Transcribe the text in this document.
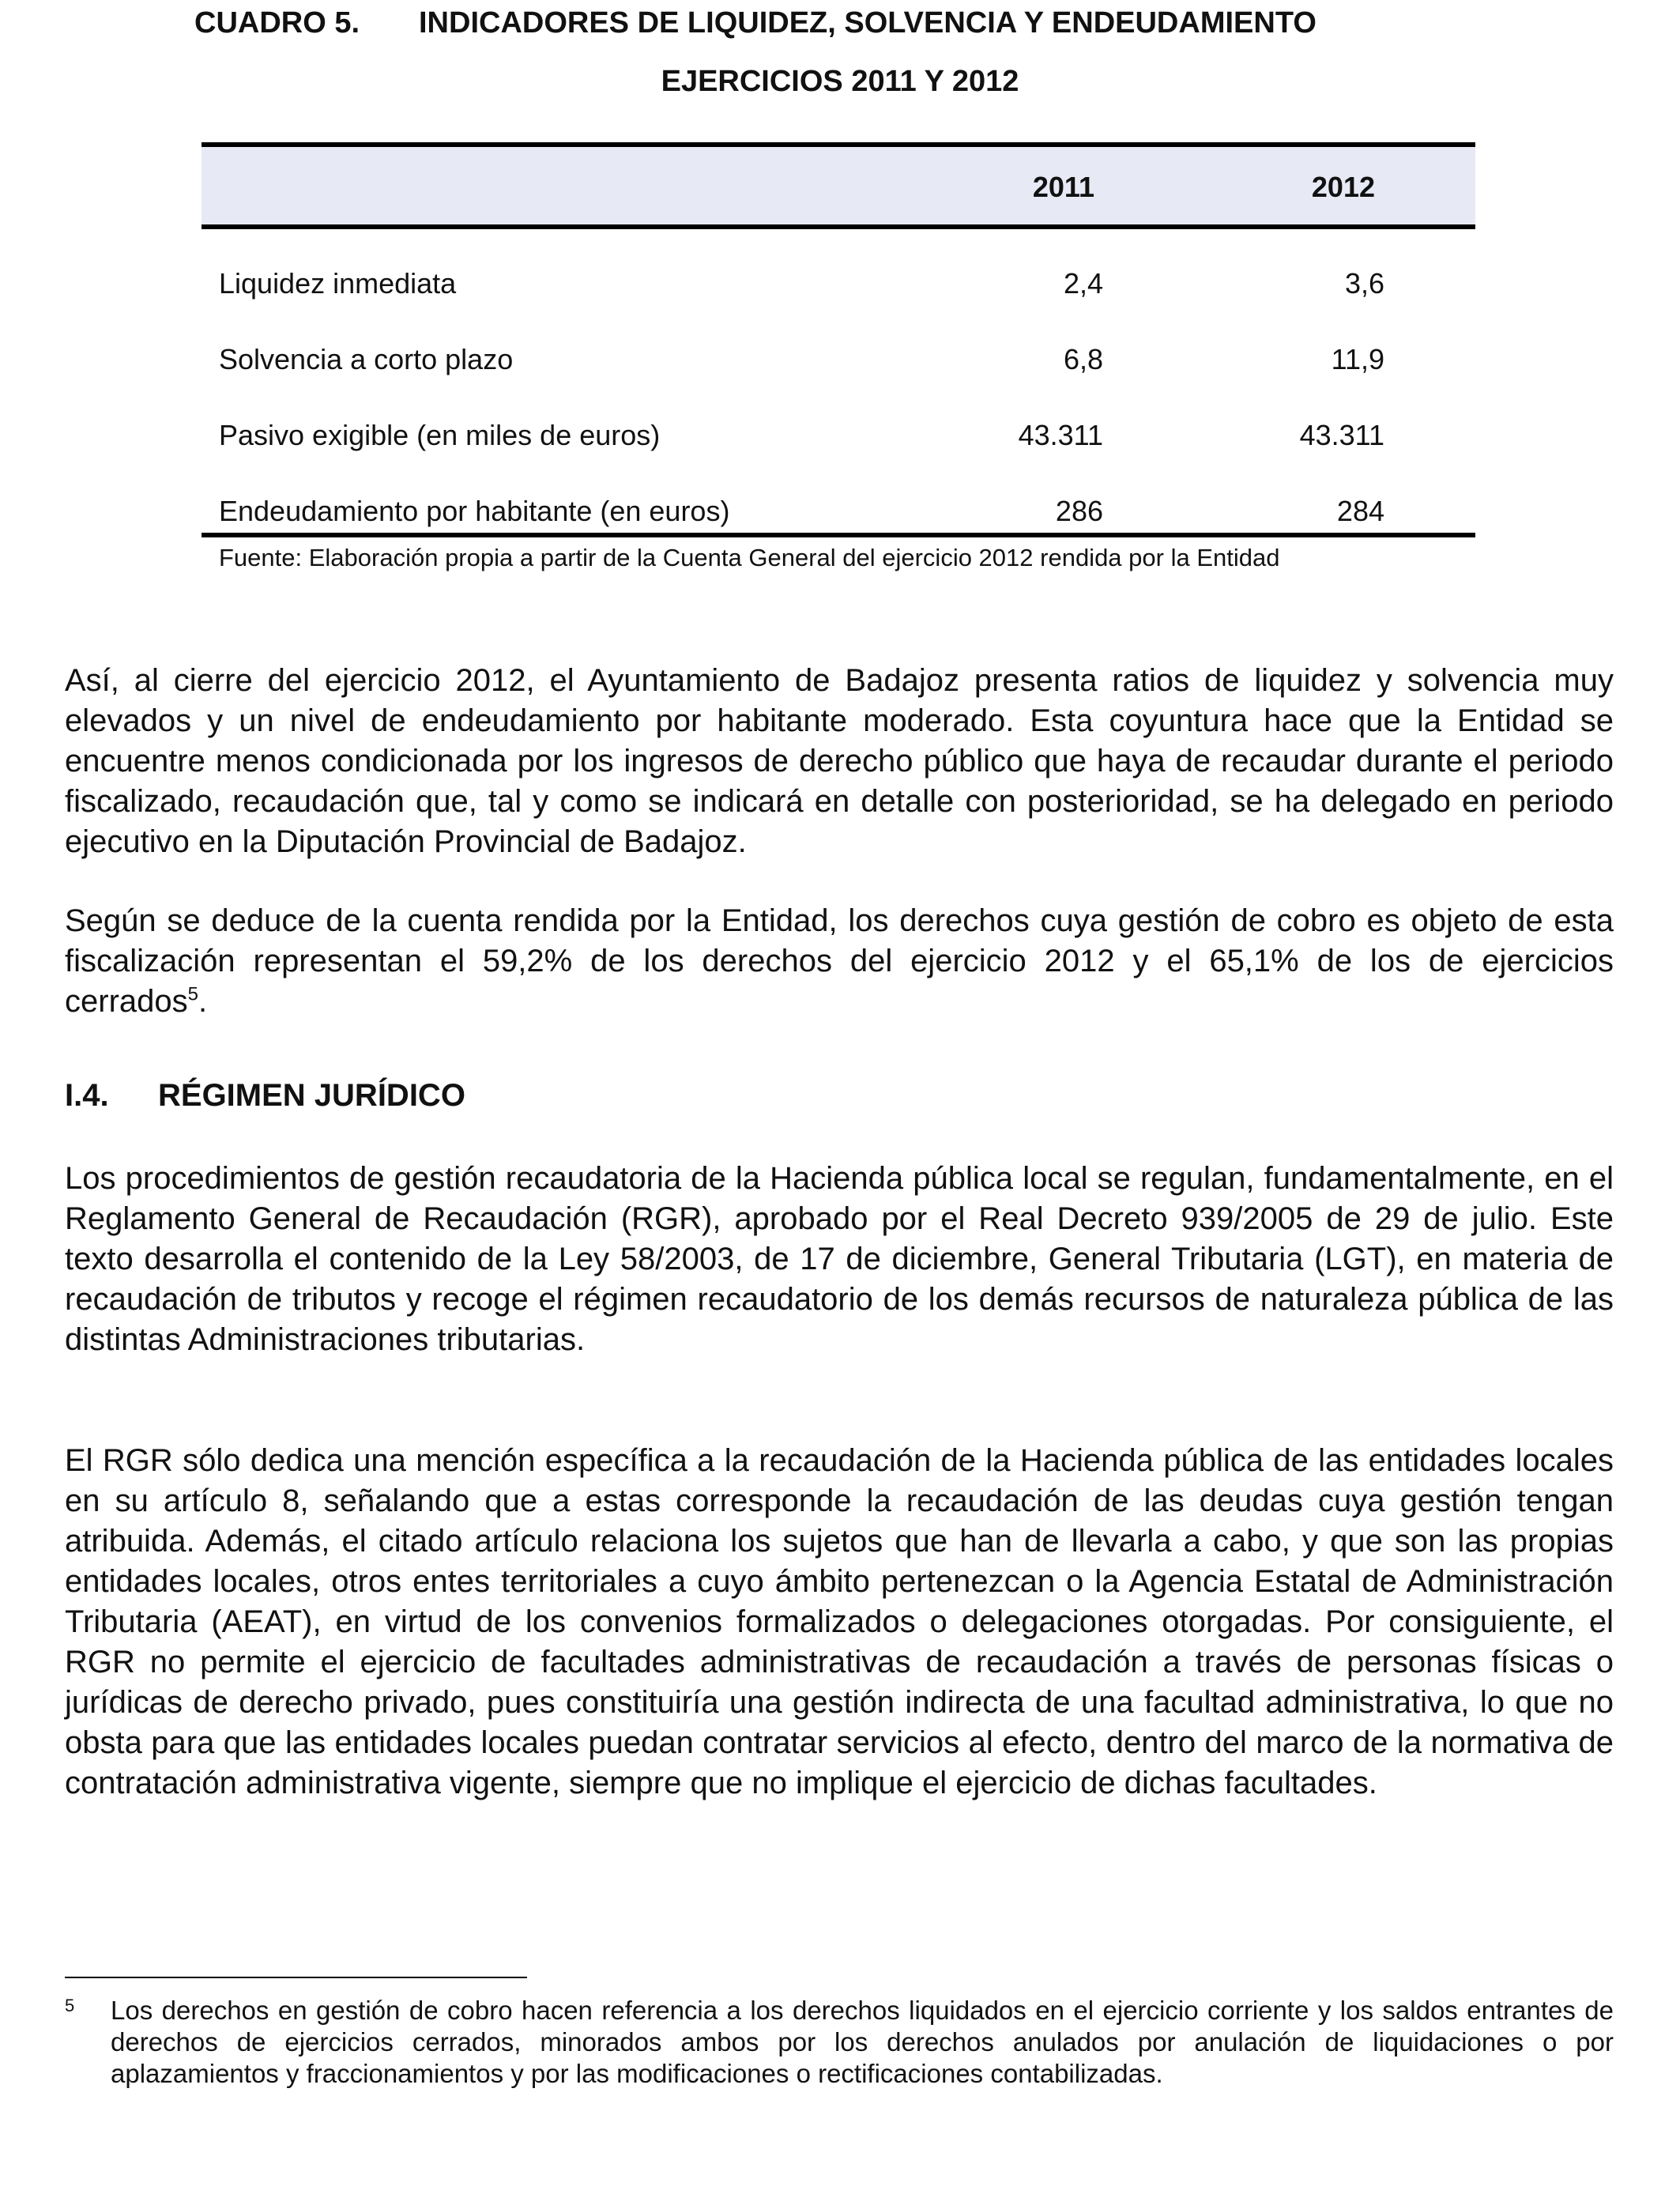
CUADRO 5. INDICADORES DE LIQUIDEZ, SOLVENCIA Y ENDEUDAMIENTO
EJERCICIOS 2011 Y 2012
2011	2012
Liquidez inmediata	2,4	3,6
Solvencia a corto plazo	6,8	11,9
Pasivo exigible (en miles de euros)	43.311	43.311
Endeudamiento por habitante (en euros)	286	284
Fuente: Elaboración propia a partir de la Cuenta General del ejercicio 2012 rendida por la Entidad

Así, al cierre del ejercicio 2012, el Ayuntamiento de Badajoz presenta ratios de liquidez y solvencia muy elevados y un nivel de endeudamiento por habitante moderado. Esta coyuntura hace que la Entidad se encuentre menos condicionada por los ingresos de derecho público que haya de recaudar durante el periodo fiscalizado, recaudación que, tal y como se indicará en detalle con posterioridad, se ha delegado en periodo ejecutivo en la Diputación Provincial de Badajoz.

Según se deduce de la cuenta rendida por la Entidad, los derechos cuya gestión de cobro es objeto de esta fiscalización representan el 59,2% de los derechos del ejercicio 2012 y el 65,1% de los de ejercicios cerrados$^5$.

I.4. RÉGIMEN JURÍDICO

Los procedimientos de gestión recaudatoria de la Hacienda pública local se regulan, fundamentalmente, en el Reglamento General de Recaudación (RGR), aprobado por el Real Decreto 939/2005 de 29 de julio. Este texto desarrolla el contenido de la Ley 58/2003, de 17 de diciembre, General Tributaria (LGT), en materia de recaudación de tributos y recoge el régimen recaudatorio de los demás recursos de naturaleza pública de las distintas Administraciones tributarias.

El RGR sólo dedica una mención específica a la recaudación de la Hacienda pública de las entidades locales en su artículo 8, señalando que a estas corresponde la recaudación de las deudas cuya gestión tengan atribuida. Además, el citado artículo relaciona los sujetos que han de llevarla a cabo, y que son las propias entidades locales, otros entes territoriales a cuyo ámbito pertenezcan o la Agencia Estatal de Administración Tributaria (AEAT), en virtud de los convenios formalizados o delegaciones otorgadas. Por consiguiente, el RGR no permite el ejercicio de facultades administrativas de recaudación a través de personas físicas o jurídicas de derecho privado, pues constituiría una gestión indirecta de una facultad administrativa, lo que no obsta para que las entidades locales puedan contratar servicios al efecto, dentro del marco de la normativa de contratación administrativa vigente, siempre que no implique el ejercicio de dichas facultades.

5 Los derechos en gestión de cobro hacen referencia a los derechos liquidados en el ejercicio corriente y los saldos entrantes de derechos de ejercicios cerrados, minorados ambos por los derechos anulados por anulación de liquidaciones o por aplazamientos y fraccionamientos y por las modificaciones o rectificaciones contabilizadas.
